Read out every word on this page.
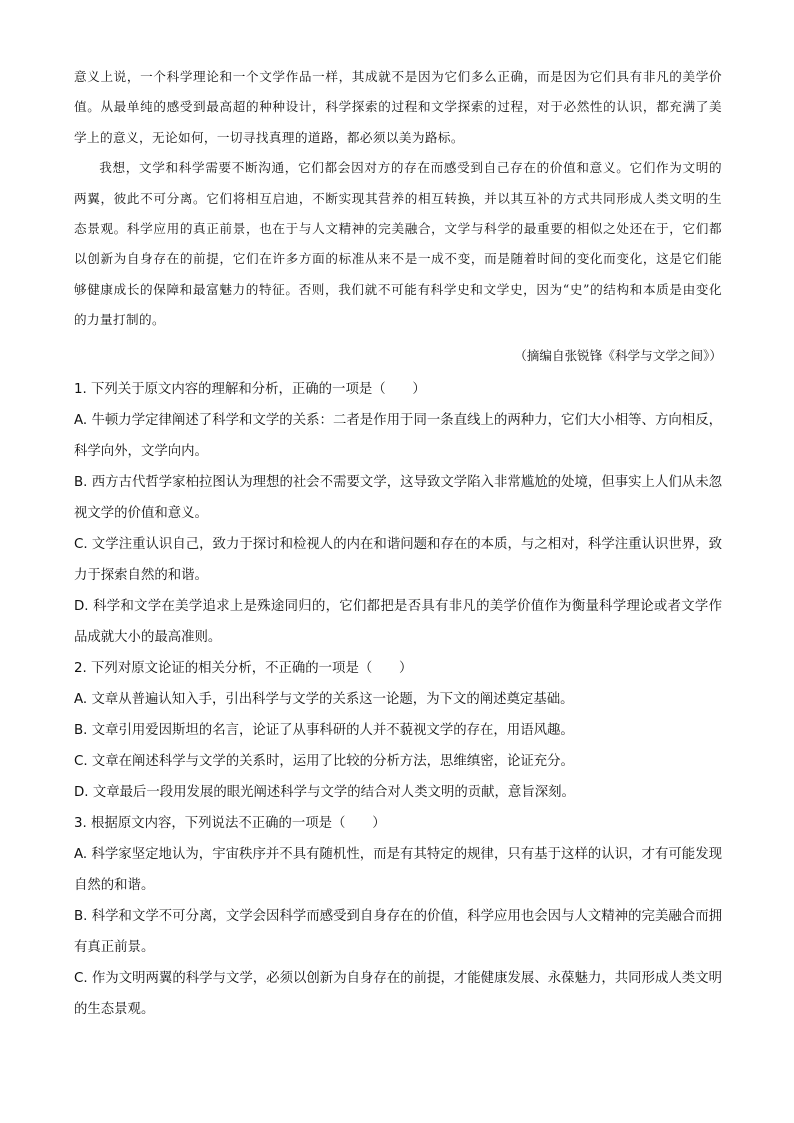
意义上说，一个科学理论和一个文学作品一样，其成就不是因为它们多么正确，而是因为它们具有非凡的美学价值。从最单纯的感受到最高超的种种设计，科学探索的过程和文学探索的过程，对于必然性的认识，都充满了美学上的意义，无论如何，一切寻找真理的道路，都必须以美为路标。

我想，文学和科学需要不断沟通，它们都会因对方的存在而感受到自己存在的价值和意义。它们作为文明的两翼，彼此不可分离。它们将相互启迪，不断实现其营养的相互转换，并以其互补的方式共同形成人类文明的生态景观。科学应用的真正前景，也在于与人文精神的完美融合，文学与科学的最重要的相似之处还在于，它们都以创新为自身存在的前提，它们在许多方面的标准从来不是一成不变，而是随着时间的变化而变化，这是它们能够健康成长的保障和最富魅力的特征。否则，我们就不可能有科学史和文学史，因为“史”的结构和本质是由变化的力量打制的。

（摘编自张锐锋《科学与文学之间》）

1. 下列关于原文内容的理解和分析，正确的一项是（　　）

A. 牛顿力学定律阐述了科学和文学的关系：二者是作用于同一条直线上的两种力，它们大小相等、方向相反，科学向外，文学向内。

B. 西方古代哲学家柏拉图认为理想的社会不需要文学，这导致文学陷入非常尴尬的处境，但事实上人们从未忽视文学的价值和意义。

C. 文学注重认识自己，致力于探讨和检视人的内在和谐问题和存在的本质，与之相对，科学注重认识世界，致力于探索自然的和谐。

D. 科学和文学在美学追求上是殊途同归的，它们都把是否具有非凡的美学价值作为衡量科学理论或者文学作品成就大小的最高准则。

2. 下列对原文论证的相关分析，不正确的一项是（　　）

A. 文章从普遍认知入手，引出科学与文学的关系这一论题，为下文的阐述奠定基础。

B. 文章引用爱因斯坦的名言，论证了从事科研的人并不藐视文学的存在，用语风趣。

C. 文章在阐述科学与文学的关系时，运用了比较的分析方法，思维缜密，论证充分。

D. 文章最后一段用发展的眼光阐述科学与文学的结合对人类文明的贡献，意旨深刻。

3. 根据原文内容，下列说法不正确的一项是（　　）

A. 科学家坚定地认为，宇宙秩序并不具有随机性，而是有其特定的规律，只有基于这样的认识，才有可能发现自然的和谐。

B. 科学和文学不可分离，文学会因科学而感受到自身存在的价值，科学应用也会因与人文精神的完美融合而拥有真正前景。

C. 作为文明两翼的科学与文学，必须以创新为自身存在的前提，才能健康发展、永葆魅力，共同形成人类文明的生态景观。
